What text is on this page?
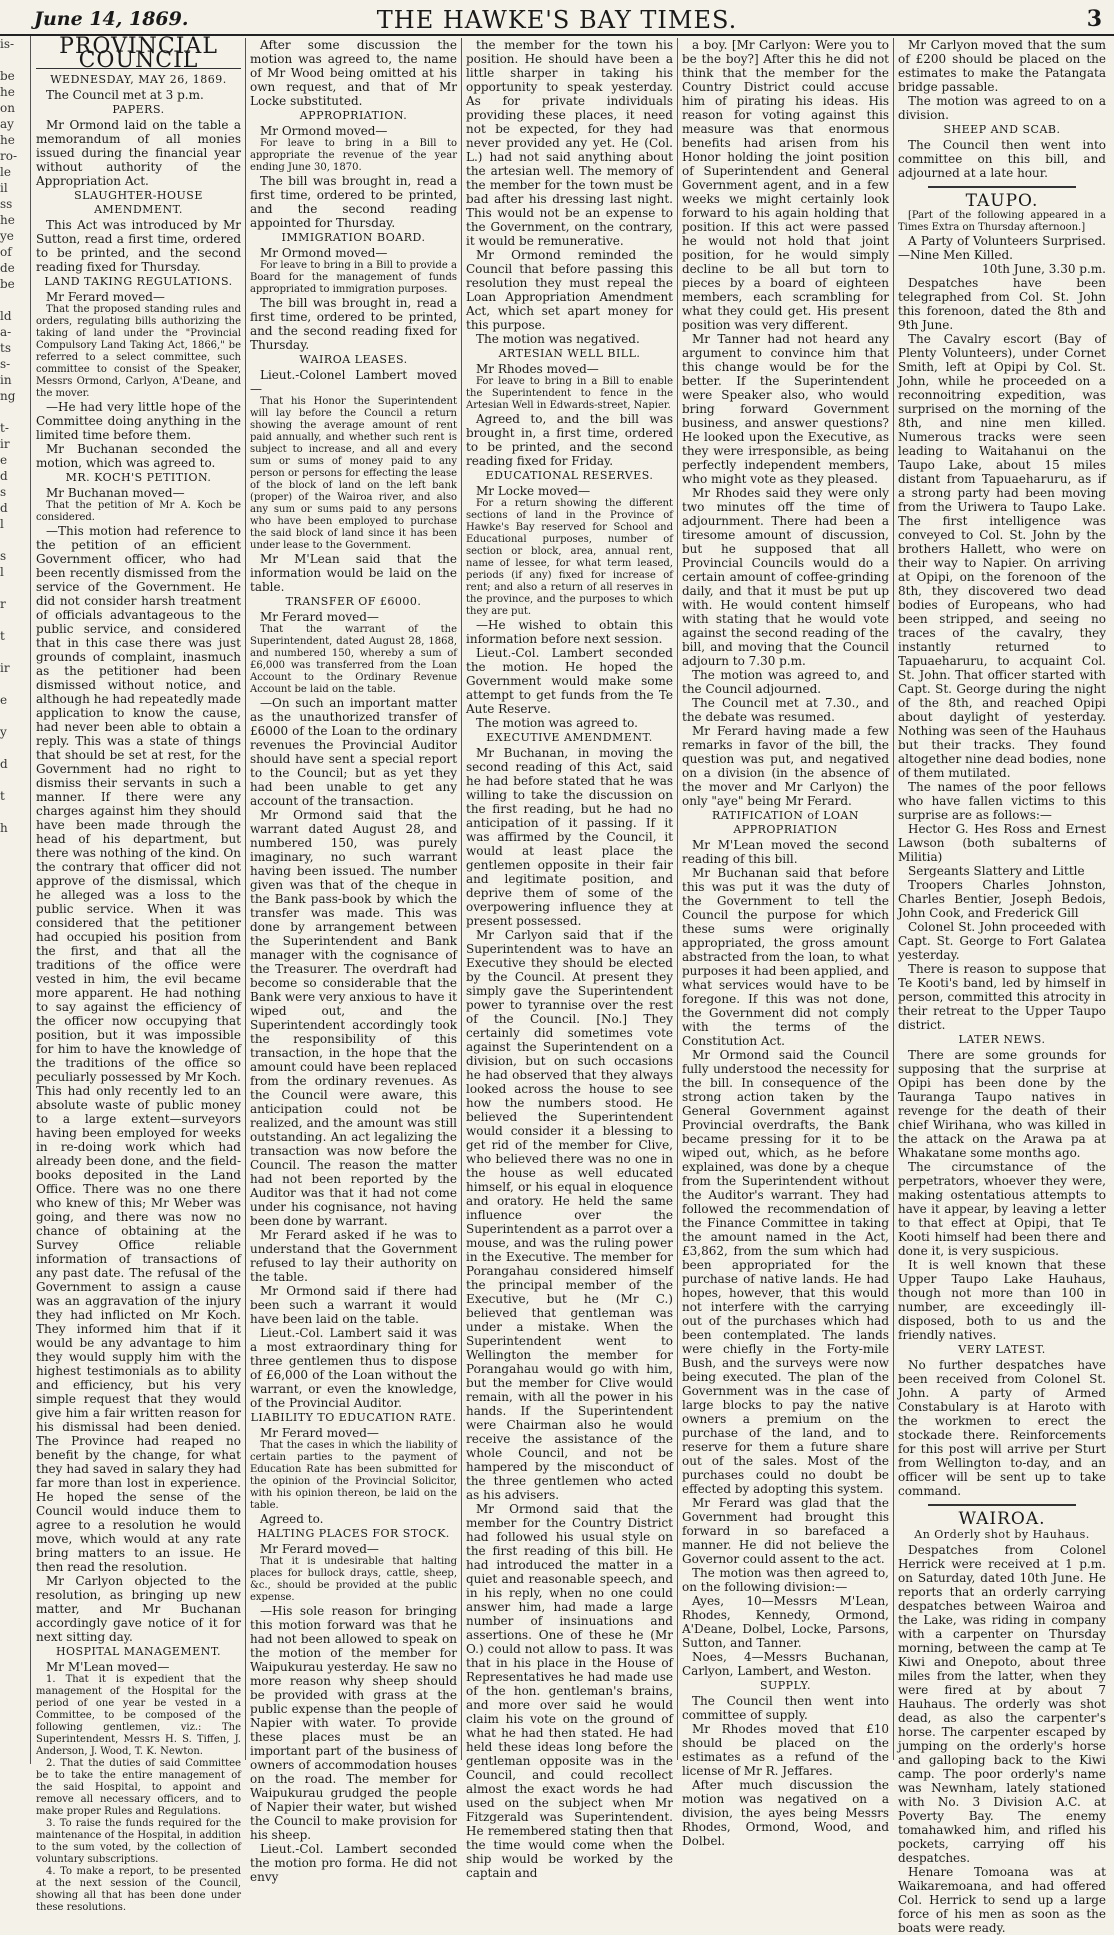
June 14, 1869.	THE HAWKE'S BAY TIMES.	3
is-
be
he
on
ay
he
ro-
le
il
ss
he
ye
of
de
be
ld
a-
ts
s-
in
ng
t-
ir
e
d
s
d
l
s
l
r
t
ir
e
y
d
t
h
PROVINCIAL COUNCIL
WEDNESDAY, MAY 26, 1869.

The Council met at 3 p.m.

PAPERS.

Mr Ormond laid on the table a memorandum of all monies issued during the financial year without authority of the Appropriation Act.

SLAUGHTER-HOUSE AMENDMENT.

This Act was introduced by Mr Sutton, read a first time, ordered to be printed, and the second reading fixed for Thursday.

LAND TAKING REGULATIONS.

Mr Ferard moved—

That the proposed standing rules and orders, regulating bills authorizing the taking of land under the "Provincial Compulsory Land Taking Act, 1866," be referred to a select committee, such committee to consist of the Speaker, Messrs Ormond, Carlyon, A'Deane, and the mover.

—He had very little hope of the Committee doing anything in the limited time before them.

Mr Buchanan seconded the motion, which was agreed to.

MR. KOCH'S PETITION.

Mr Buchanan moved—

That the petition of Mr A. Koch be considered.

—This motion had reference to the petition of an efficient Government officer, who had been recently dismissed from the service of the Government. He did not consider harsh treatment of officials advantageous to the public service, and considered that in this case there was just grounds of complaint, inasmuch as the petitioner had been dismissed without notice, and although he had repeatedly made application to know the cause, had never been able to obtain a reply. This was a state of things that should be set at rest, for the Government had no right to dismiss their servants in such a manner. If there were any charges against him they should have been made through the head of his department, but there was nothing of the kind. On the contrary that officer did not approve of the dismissal, which he alleged was a loss to the public service. When it was considered that the petitioner had occupied his position from the first, and that all the traditions of the office were vested in him, the evil became more apparent. He had nothing to say against the efficiency of the officer now occupying that position, but it was impossible for him to have the knowledge of the traditions of the office so peculiarly possessed by Mr Koch. This had only recently led to an absolute waste of public money to a large extent—surveyors having been employed for weeks in re-doing work which had already been done, and the field-books deposited in the Land Office. There was no one there who knew of this; Mr Weber was going, and there was now no chance of obtaining at the Survey Office reliable information of transactions of any past date. The refusal of the Government to assign a cause was an aggravation of the injury they had inflicted on Mr Koch. They informed him that if it would be any advantage to him they would supply him with the highest testimonials as to ability and efficiency, but his very simple request that they would give him a fair written reason for his dismissal had been denied. The Province had reaped no benefit by the change, for what they had saved in salary they had far more than lost in experience. He hoped the sense of the Council would induce them to agree to a resolution he would move, which would at any rate bring matters to an issue. He then read the resolution.

Mr Carlyon objected to the resolution, as bringing up new matter, and Mr Buchanan accordingly gave notice of it for next sitting day.

HOSPITAL MANAGEMENT.

Mr M'Lean moved—

1. That it is expedient that the management of the Hospital for the period of one year be vested in a Committee, to be composed of the following gentlemen, viz.: The Superintendent, Messrs H. S. Tiffen, J. Anderson, J. Wood, T. K. Newton.

2. That the duties of said Committee be to take the entire management of the said Hospital, to appoint and remove all necessary officers, and to make proper Rules and Regulations.

3. To raise the funds required for the maintenance of the Hospital, in addition to the sum voted, by the collection of voluntary subscriptions.

4. To make a report, to be presented at the next session of the Council, showing all that has been done under these resolutions.

After some discussion the motion was agreed to, the name of Mr Wood being omitted at his own request, and that of Mr Locke substituted.

APPROPRIATION.

Mr Ormond moved—

For leave to bring in a Bill to appropriate the revenue of the year ending June 30, 1870.

The bill was brought in, read a first time, ordered to be printed, and the second reading appointed for Thursday.

IMMIGRATION BOARD.

Mr Ormond moved—

For leave to bring in a Bill to provide a Board for the management of funds appropriated to immigration purposes.

The bill was brought in, read a first time, ordered to be printed, and the second reading fixed for Thursday.

WAIROA LEASES.

Lieut.-Colonel Lambert moved—

That his Honor the Superintendent will lay before the Council a return showing the average amount of rent paid annually, and whether such rent is subject to increase, and all and every sum or sums of money paid to any person or persons for effecting the lease of the block of land on the left bank (proper) of the Wairoa river, and also any sum or sums paid to any persons who have been employed to purchase the said block of land since it has been under lease to the Government.

Mr M'Lean said that the information would be laid on the table.

TRANSFER OF £6000.

Mr Ferard moved—

That the warrant of the Superintendent, dated August 28, 1868, and numbered 150, whereby a sum of £6,000 was transferred from the Loan Account to the Ordinary Revenue Account be laid on the table.

—On such an important matter as the unauthorized transfer of £6000 of the Loan to the ordinary revenues the Provincial Auditor should have sent a special report to the Council; but as yet they had been unable to get any account of the transaction.

Mr Ormond said that the warrant dated August 28, and numbered 150, was purely imaginary, no such warrant having been issued. The number given was that of the cheque in the Bank pass-book by which the transfer was made. This was done by arrangement between the Superintendent and Bank manager with the cognisance of the Treasurer. The overdraft had become so considerable that the Bank were very anxious to have it wiped out, and the Superintendent accordingly took the responsibility of this transaction, in the hope that the amount could have been replaced from the ordinary revenues. As the Council were aware, this anticipation could not be realized, and the amount was still outstanding. An act legalizing the transaction was now before the Council. The reason the matter had not been reported by the Auditor was that it had not come under his cognisance, not having been done by warrant.

Mr Ferard asked if he was to understand that the Government refused to lay their authority on the table.

Mr Ormond said if there had been such a warrant it would have been laid on the table.

Lieut.-Col. Lambert said it was a most extraordinary thing for three gentlemen thus to dispose of £6,000 of the Loan without the warrant, or even the knowledge, of the Provincial Auditor.

LIABILITY TO EDUCATION RATE.

Mr Ferard moved—

That the cases in which the liability of certain parties to the payment of Education Rate has been submitted for the opinion of the Provincial Solicitor, with his opinion thereon, be laid on the table.

Agreed to.

HALTING PLACES FOR STOCK.

Mr Ferard moved—

That it is undesirable that halting places for bullock drays, cattle, sheep, &c., should be provided at the public expense.

—His sole reason for bringing this motion forward was that he had not been allowed to speak on the motion of the member for Waipukurau yesterday. He saw no more reason why sheep should be provided with grass at the public expense than the people of Napier with water. To provide these places must be an important part of the business of owners of accommodation houses on the road. The member for Waipukurau grudged the people of Napier their water, but wished the Council to make provision for his sheep.

Lieut.-Col. Lambert seconded the motion pro forma. He did not envy

the member for the town his position. He should have been a little sharper in taking his opportunity to speak yesterday. As for private individuals providing these places, it need not be expected, for they had never provided any yet. He (Col. L.) had not said anything about the artesian well. The memory of the member for the town must be bad after his dressing last night. This would not be an expense to the Government, on the contrary, it would be remunerative.

Mr Ormond reminded the Council that before passing this resolution they must repeal the Loan Appropriation Amendment Act, which set apart money for this purpose.

The motion was negatived.

ARTESIAN WELL BILL.

Mr Rhodes moved—

For leave to bring in a Bill to enable the Superintendent to fence in the Artesian Well in Edwards-street, Napier.

Agreed to, and the bill was brought in, a first time, ordered to be printed, and the second reading fixed for Friday.

EDUCATIONAL RESERVES.

Mr Locke moved—

For a return showing the different sections of land in the Province of Hawke's Bay reserved for School and Educational purposes, number of section or block, area, annual rent, name of lessee, for what term leased, periods (if any) fixed for increase of rent; and also a return of all reserves in the province, and the purposes to which they are put.

—He wished to obtain this information before next session.

Lieut.-Col. Lambert seconded the motion. He hoped the Government would make some attempt to get funds from the Te Aute Reserve.

The motion was agreed to.

EXECUTIVE AMENDMENT.

Mr Buchanan, in moving the second reading of this Act, said he had before stated that he was willing to take the discussion on the first reading, but he had no anticipation of it passing. If it was affirmed by the Council, it would at least place the gentlemen opposite in their fair and legitimate position, and deprive them of some of the overpowering influence they at present possessed.

Mr Carlyon said that if the Superintendent was to have an Executive they should be elected by the Council. At present they simply gave the Superintendent power to tyrannise over the rest of the Council. [No.] They certainly did sometimes vote against the Superintendent on a division, but on such occasions he had observed that they always looked across the house to see how the numbers stood. He believed the Superintendent would consider it a blessing to get rid of the member for Clive, who believed there was no one in the house as well educated himself, or his equal in eloquence and oratory. He held the same influence over the Superintendent as a parrot over a mouse, and was the ruling power in the Executive. The member for Porangahau considered himself the principal member of the Executive, but he (Mr C.) believed that gentleman was under a mistake. When the Superintendent went to Wellington the member for Porangahau would go with him, but the member for Clive would remain, with all the power in his hands. If the Superintendent were Chairman also he would receive the assistance of the whole Council, and not be hampered by the misconduct of the three gentlemen who acted as his advisers.

Mr Ormond said that the member for the Country District had followed his usual style on the first reading of this bill. He had introduced the matter in a quiet and reasonable speech, and in his reply, when no one could answer him, had made a large number of insinuations and assertions. One of these he (Mr O.) could not allow to pass. It was that in his place in the House of Representatives he had made use of the hon. gentleman's brains, and more over said he would claim his vote on the ground of what he had then stated. He had held these ideas long before the gentleman opposite was in the Council, and could recollect almost the exact words he had used on the subject when Mr Fitzgerald was Superintendent. He remembered stating then that the time would come when the ship would be worked by the captain and

a boy. [Mr Carlyon: Were you to be the boy?] After this he did not think that the member for the Country District could accuse him of pirating his ideas. His reason for voting against this measure was that enormous benefits had arisen from his Honor holding the joint position of Superintendent and General Government agent, and in a few weeks we might certainly look forward to his again holding that position. If this act were passed he would not hold that joint position, for he would simply decline to be all but torn to pieces by a board of eighteen members, each scrambling for what they could get. His present position was very different.

Mr Tanner had not heard any argument to convince him that this change would be for the better. If the Superintendent were Speaker also, who would bring forward Government business, and answer questions? He looked upon the Executive, as they were irresponsible, as being perfectly independent members, who might vote as they pleased.

Mr Rhodes said they were only two minutes off the time of adjournment. There had been a tiresome amount of discussion, but he supposed that all Provincial Councils would do a certain amount of coffee-grinding daily, and that it must be put up with. He would content himself with stating that he would vote against the second reading of the bill, and moving that the Council adjourn to 7.30 p.m.

The motion was agreed to, and the Council adjourned.

The Council met at 7.30., and the debate was resumed.

Mr Ferard having made a few remarks in favor of the bill, the question was put, and negatived on a division (in the absence of the mover and Mr Carlyon) the only "aye" being Mr Ferard.

RATIFICATION of LOAN APPROPRIATION

Mr M'Lean moved the second reading of this bill.

Mr Buchanan said that before this was put it was the duty of the Government to tell the Council the purpose for which these sums were originally appropriated, the gross amount abstracted from the loan, to what purposes it had been applied, and what services would have to be foregone. If this was not done, the Government did not comply with the terms of the Constitution Act.

Mr Ormond said the Council fully understood the necessity for the bill. In consequence of the strong action taken by the General Government against Provincial overdrafts, the Bank became pressing for it to be wiped out, which, as he before explained, was done by a cheque from the Superintendent without the Auditor's warrant. They had followed the recommendation of the Finance Committee in taking the amount named in the Act, £3,862, from the sum which had been appropriated for the purchase of native lands. He had hopes, however, that this would not interfere with the carrying out of the purchases which had been contemplated. The lands were chiefly in the Forty-mile Bush, and the surveys were now being executed. The plan of the Government was in the case of large blocks to pay the native owners a premium on the purchase of the land, and to reserve for them a future share out of the sales. Most of the purchases could no doubt be effected by adopting this system.

Mr Ferard was glad that the Government had brought this forward in so barefaced a manner. He did not believe the Governor could assent to the act.

The motion was then agreed to, on the following division:—

Ayes, 10—Messrs M'Lean, Rhodes, Kennedy, Ormond, A'Deane, Dolbel, Locke, Parsons, Sutton, and Tanner.

Noes, 4—Messrs Buchanan, Carlyon, Lambert, and Weston.

SUPPLY.

The Council then went into committee of supply.

Mr Rhodes moved that £10 should be placed on the estimates as a refund of the license of Mr R. Jeffares.

After much discussion the motion was negatived on a division, the ayes being Messrs Rhodes, Ormond, Wood, and Dolbel.

Mr Carlyon moved that the sum of £200 should be placed on the estimates to make the Patangata bridge passable.

The motion was agreed to on a division.

SHEEP AND SCAB.

The Council then went into committee on this bill, and adjourned at a late hour.

TAUPO.

[Part of the following appeared in a Times Extra on Thursday afternoon.]

A Party of Volunteers Surprised.—Nine Men Killed.

10th June, 3.30 p.m.

Despatches have been telegraphed from Col. St. John this forenoon, dated the 8th and 9th June.

The Cavalry escort (Bay of Plenty Volunteers), under Cornet Smith, left at Opipi by Col. St. John, while he proceeded on a reconnoitring expedition, was surprised on the morning of the 8th, and nine men killed. Numerous tracks were seen leading to Waitahanui on the Taupo Lake, about 15 miles distant from Tapuaeharuru, as if a strong party had been moving from the Uriwera to Taupo Lake. The first intelligence was conveyed to Col. St. John by the brothers Hallett, who were on their way to Napier. On arriving at Opipi, on the forenoon of the 8th, they discovered two dead bodies of Europeans, who had been stripped, and seeing no traces of the cavalry, they instantly returned to Tapuaeharuru, to acquaint Col. St. John. That officer started with Capt. St. George during the night of the 8th, and reached Opipi about daylight of yesterday. Nothing was seen of the Hauhaus but their tracks. They found altogether nine dead bodies, none of them mutilated.

The names of the poor fellows who have fallen victims to this surprise are as follows:—

Hector G. Hes Ross and Ernest Lawson (both subalterns of Militia)

Sergeants Slattery and Little

Troopers Charles Johnston, Charles Bentier, Joseph Bedois, John Cook, and Frederick Gill

Colonel St. John proceeded with Capt. St. George to Fort Galatea yesterday.

There is reason to suppose that Te Kooti's band, led by himself in person, committed this atrocity in their retreat to the Upper Taupo district.

LATER NEWS.

There are some grounds for supposing that the surprise at Opipi has been done by the Tauranga Taupo natives in revenge for the death of their chief Wirihana, who was killed in the attack on the Arawa pa at Whakatane some months ago.

The circumstance of the perpetrators, whoever they were, making ostentatious attempts to have it appear, by leaving a letter to that effect at Opipi, that Te Kooti himself had been there and done it, is very suspicious.

It is well known that these Upper Taupo Lake Hauhaus, though not more than 100 in number, are exceedingly ill-disposed, both to us and the friendly natives.

VERY LATEST.

No further despatches have been received from Colonel St. John. A party of Armed Constabulary is at Haroto with the workmen to erect the stockade there. Reinforcements for this post will arrive per Sturt from Wellington to-day, and an officer will be sent up to take command.

WAIROA.
An Orderly shot by Hauhaus.

Despatches from Colonel Herrick were received at 1 p.m. on Saturday, dated 10th June. He reports that an orderly carrying despatches between Wairoa and the Lake, was riding in company with a carpenter on Thursday morning, between the camp at Te Kiwi and Onepoto, about three miles from the latter, when they were fired at by about 7 Hauhaus. The orderly was shot dead, as also the carpenter's horse. The carpenter escaped by jumping on the orderly's horse and galloping back to the Kiwi camp. The poor orderly's name was Newnham, lately stationed with No. 3 Division A.C. at Poverty Bay. The enemy tomahawked him, and rifled his pockets, carrying off his despatches.

Henare Tomoana was at Waikaremoana, and had offered Col. Herrick to send up a large force of his men as soon as the boats were ready.
